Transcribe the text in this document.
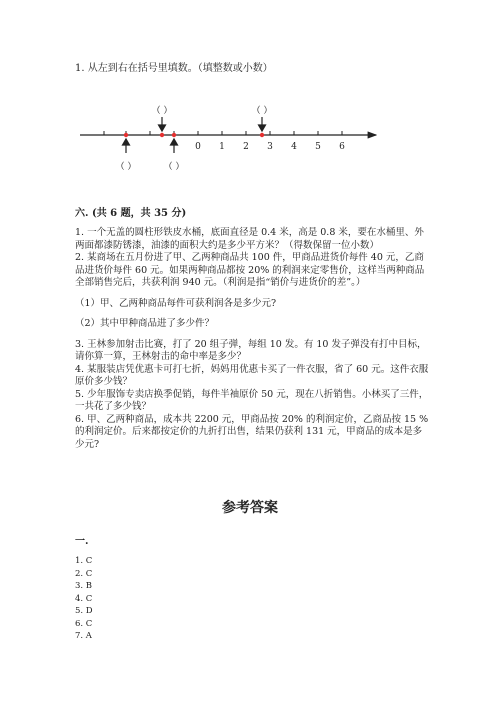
1. 从左到右在括号里填数。（填整数或小数）
0 1 2 3 4 5 6
（ ）	（ ）
（ ）	（ ）
六. (共 6 题，共 35 分)

1. 一个无盖的圆柱形铁皮水桶，底面直径是 0.4 米，高是 0.8 米，要在水桶里、外两面都漆防锈漆，油漆的面积大约是多少平方米？（得数保留一位小数）

2. 某商场在五月份进了甲、乙两种商品共 100 件，甲商品进货价每件 40 元，乙商品进货价每件 60 元。如果两种商品都按 20% 的利润来定零售价，这样当两种商品全部销售完后，共获利润 940 元。（利润是指“销价与进货价的差”。）

（1）甲、乙两种商品每件可获利润各是多少元?

（2）其中甲种商品进了多少件？

3. 王林参加射击比赛，打了 20 组子弹，每组 10 发。有 10 发子弹没有打中目标，请你算一算，王林射击的命中率是多少？

4. 某服装店凭优惠卡可打七折，妈妈用优惠卡买了一件衣服，省了 60 元。这件衣服原价多少钱？

5. 少年服饰专卖店换季促销，每件半袖原价 50 元，现在八折销售。小林买了三件，一共花了多少钱？

6. 甲、乙两种商品，成本共 2200 元，甲商品按 20% 的利润定价，乙商品按 15 % 的利润定价。后来都按定价的九折打出售，结果仍获利 131 元，甲商品的成本是多少元?

参考答案
一.
1. C
2. C
3. B
4. C
5. D
6. C
7. A
